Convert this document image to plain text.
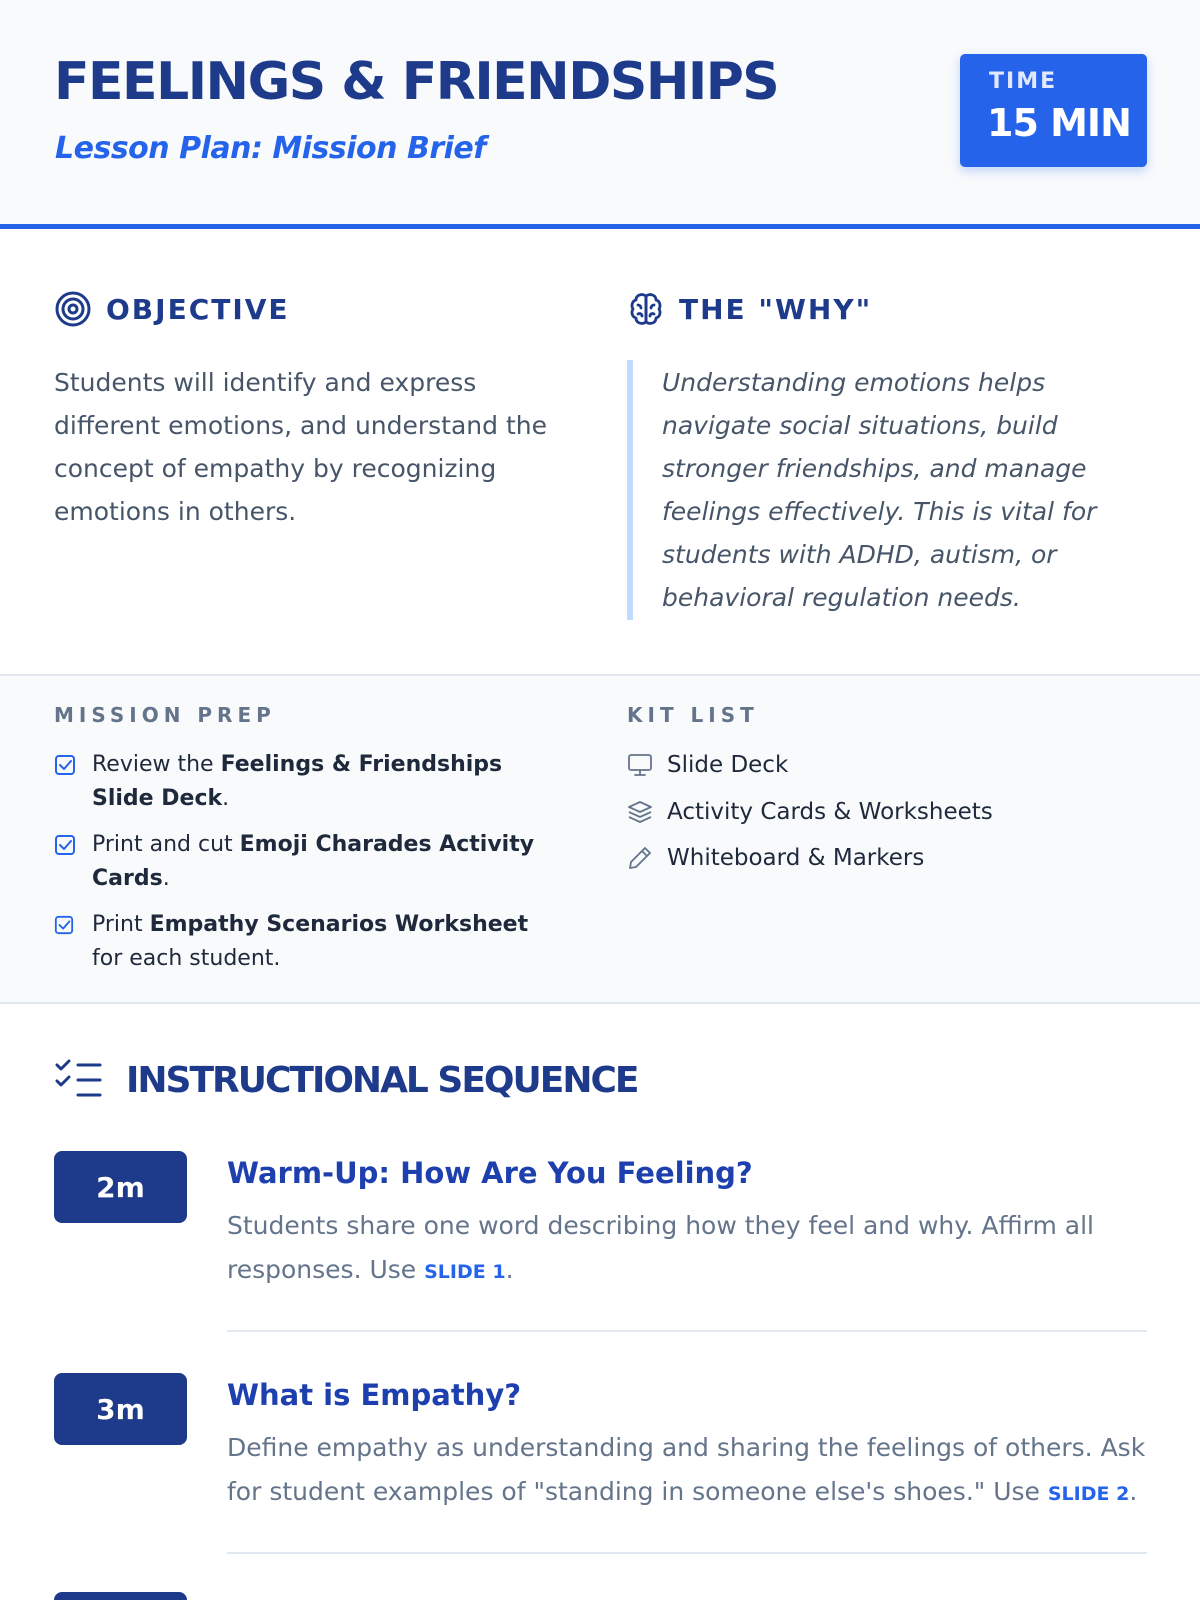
FEELINGS & FRIENDSHIPS
Lesson Plan: Mission Brief
TIME
15 MIN
OBJECTIVE
Students will identify and express different emotions, and understand the concept of empathy by recognizing emotions in others.
THE "WHY"
Understanding emotions helps navigate social situations, build stronger friendships, and manage feelings effectively. This is vital for students with ADHD, autism, or behavioral regulation needs.
MISSION PREP
Review the Feelings & Friendships Slide Deck.
Print and cut Emoji Charades Activity Cards.
Print Empathy Scenarios Worksheet for each student.
KIT LIST
Slide Deck
Activity Cards & Worksheets
Whiteboard & Markers
INSTRUCTIONAL SEQUENCE
2m	Warm-Up: How Are You Feeling?
Students share one word describing how they feel and why. Affirm all responses. Use SLIDE 1.
3m	What is Empathy?
Define empathy as understanding and sharing the feelings of others. Ask for student examples of "standing in someone else's shoes." Use SLIDE 2.
